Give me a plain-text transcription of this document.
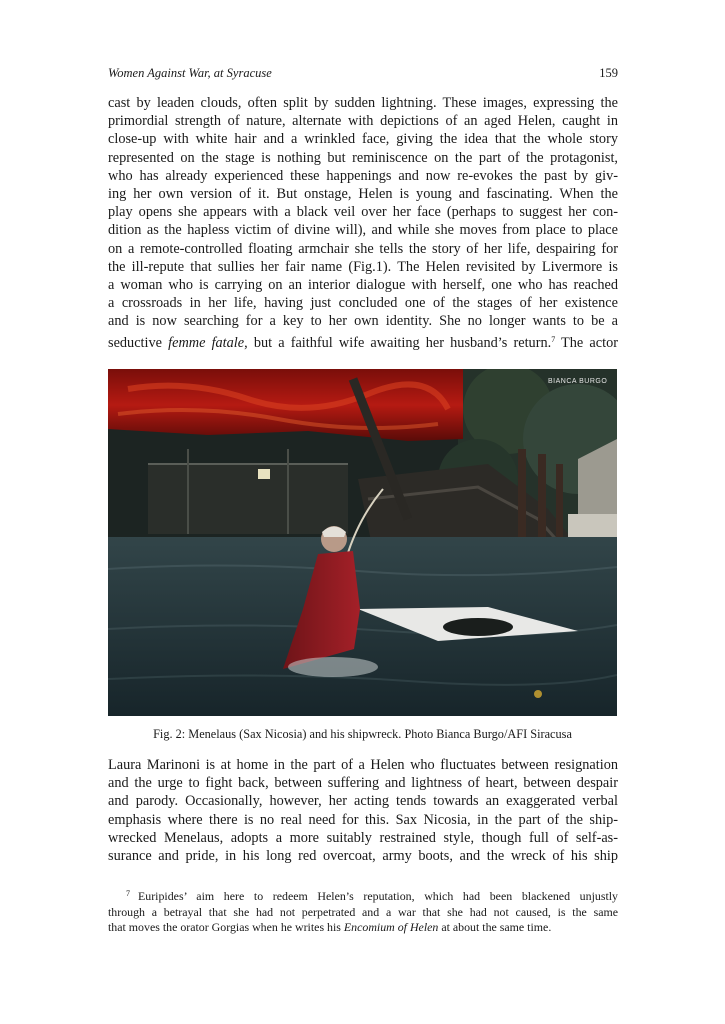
Women Against War, at Syracuse	159
cast by leaden clouds, often split by sudden lightning. These images, expressing the
primordial strength of nature, alternate with depictions of an aged Helen, caught in
close-up with white hair and a wrinkled face, giving the idea that the whole story
represented on the stage is nothing but reminiscence on the part of the protagonist,
who has already experienced these happenings and now re-evokes the past by giv-
ing her own version of it. But onstage, Helen is young and fascinating. When the
play opens she appears with a black veil over her face (perhaps to suggest her con-
dition as the hapless victim of divine will), and while she moves from place to place
on a remote-controlled floating armchair she tells the story of her life, despairing for
the ill-repute that sullies her fair name (Fig.1). The Helen revisited by Livermore is
a woman who is carrying on an interior dialogue with herself, one who has reached
a crossroads in her life, having just concluded one of the stages of her existence
and is now searching for a key to her own identity. She no longer wants to be a
seductive femme fatale, but a faithful wife awaiting her husband’s return.$^7$ The actor
BIANCA BURGO
Fig. 2: Menelaus (Sax Nicosia) and his shipwreck. Photo Bianca Burgo/AFI Siracusa
Laura Marinoni is at home in the part of a Helen who fluctuates between resignation
and the urge to fight back, between suffering and lightness of heart, between despair
and parody. Occasionally, however, her acting tends towards an exaggerated verbal
emphasis where there is no real need for this. Sax Nicosia, in the part of the ship-
wrecked Menelaus, adopts a more suitably restrained style, though full of self-as-
surance and pride, in his long red overcoat, army boots, and the wreck of his ship
$^7$ Euripides’ aim here to redeem Helen’s reputation, which had been blackened unjustly
through a betrayal that she had not perpetrated and a war that she had not caused, is the same
that moves the orator Gorgias when he writes his Encomium of Helen at about the same time.
